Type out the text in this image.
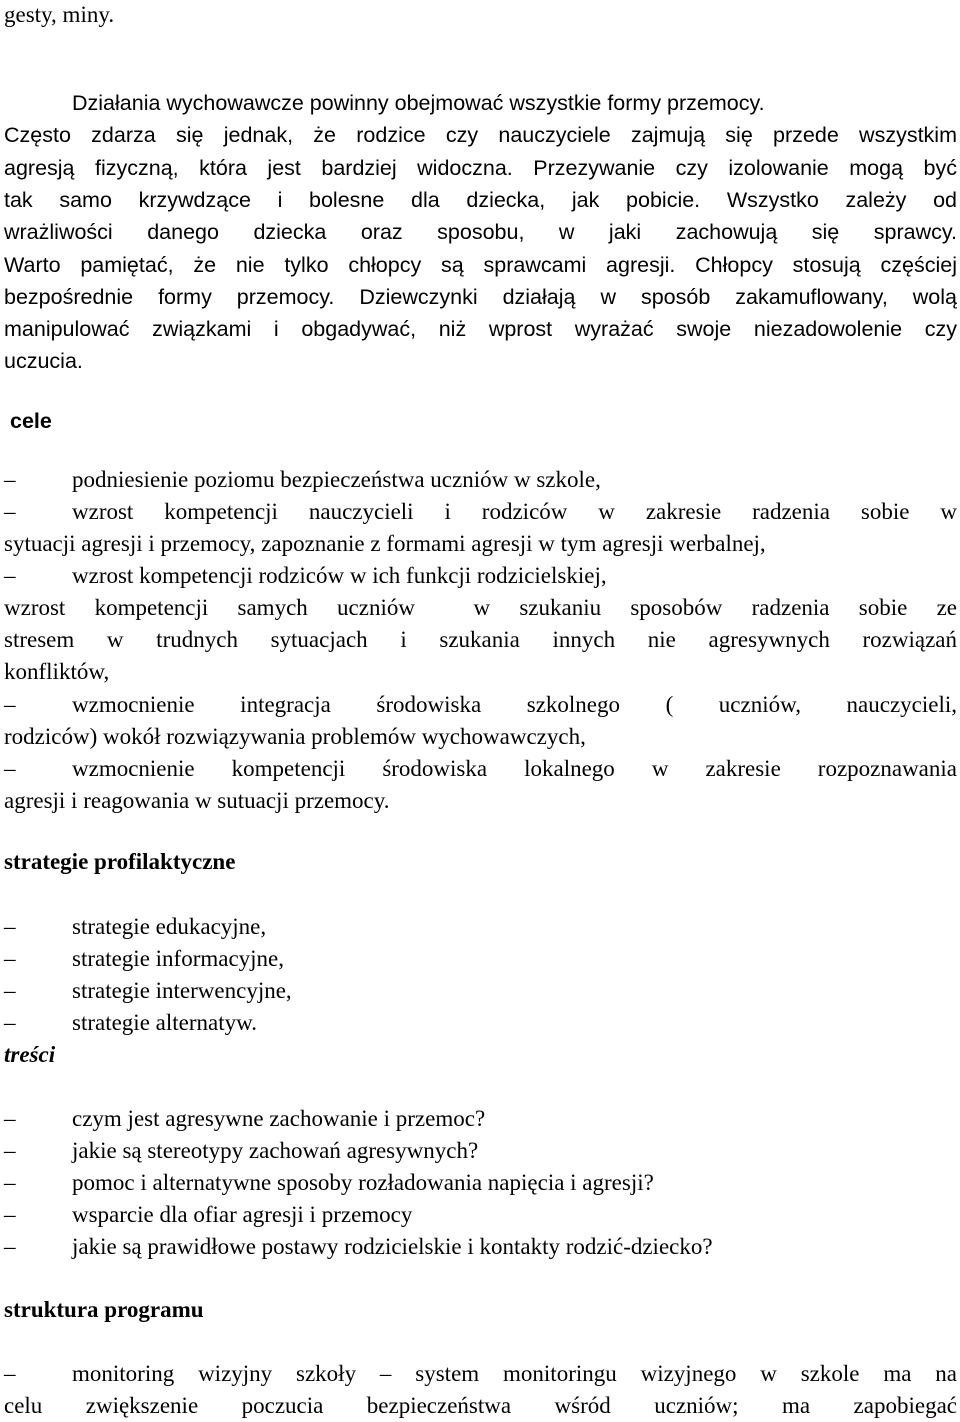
gesty, miny.
Działania wychowawcze powinny obejmować wszystkie formy przemocy.
Często zdarza się jednak, że rodzice czy nauczyciele zajmują się przede wszystkim
agresją fizyczną, która jest bardziej widoczna. Przezywanie czy izolowanie mogą być
tak samo krzywdzące i bolesne dla dziecka, jak pobicie. Wszystko zależy od
wrażliwości danego dziecka oraz sposobu, w jaki zachowują się sprawcy.
Warto pamiętać, że nie tylko chłopcy są sprawcami agresji. Chłopcy stosują częściej
bezpośrednie formy przemocy. Dziewczynki działają w sposób zakamuflowany, wolą
manipulować związkami i obgadywać, niż wprost wyrażać swoje niezadowolenie czy
uczucia.
cele
– podniesienie poziomu bezpieczeństwa uczniów w szkole,
– wzrost kompetencji nauczycieli i rodziców w zakresie radzenia sobie w
sytuacji agresji i przemocy, zapoznanie z formami agresji w tym agresji werbalnej,
– wzrost kompetencji rodziców w ich funkcji rodzicielskiej,
wzrost kompetencji samych uczniów  w szukaniu sposobów radzenia sobie ze
stresem w trudnych sytuacjach i szukania innych nie agresywnych rozwiązań
konfliktów,
– wzmocnienie integracja środowiska szkolnego ( uczniów, nauczycieli,
rodziców) wokół rozwiązywania problemów wychowawczych,
– wzmocnienie kompetencji środowiska lokalnego w zakresie rozpoznawania
agresji i reagowania w sutuacji przemocy.
strategie profilaktyczne
– strategie edukacyjne,
– strategie informacyjne,
– strategie interwencyjne,
– strategie alternatyw.
treści
– czym jest agresywne zachowanie i przemoc?
– jakie są stereotypy zachowań agresywnych?
– pomoc i alternatywne sposoby rozładowania napięcia i agresji?
– wsparcie dla ofiar agresji i przemocy
– jakie są prawidłowe postawy rodzicielskie i kontakty rodzić-dziecko?
struktura programu
– monitoring wizyjny szkoły – system monitoringu wizyjnego w szkole ma na
celu zwiększenie poczucia bezpieczeństwa wśród uczniów; ma zapobiegać
